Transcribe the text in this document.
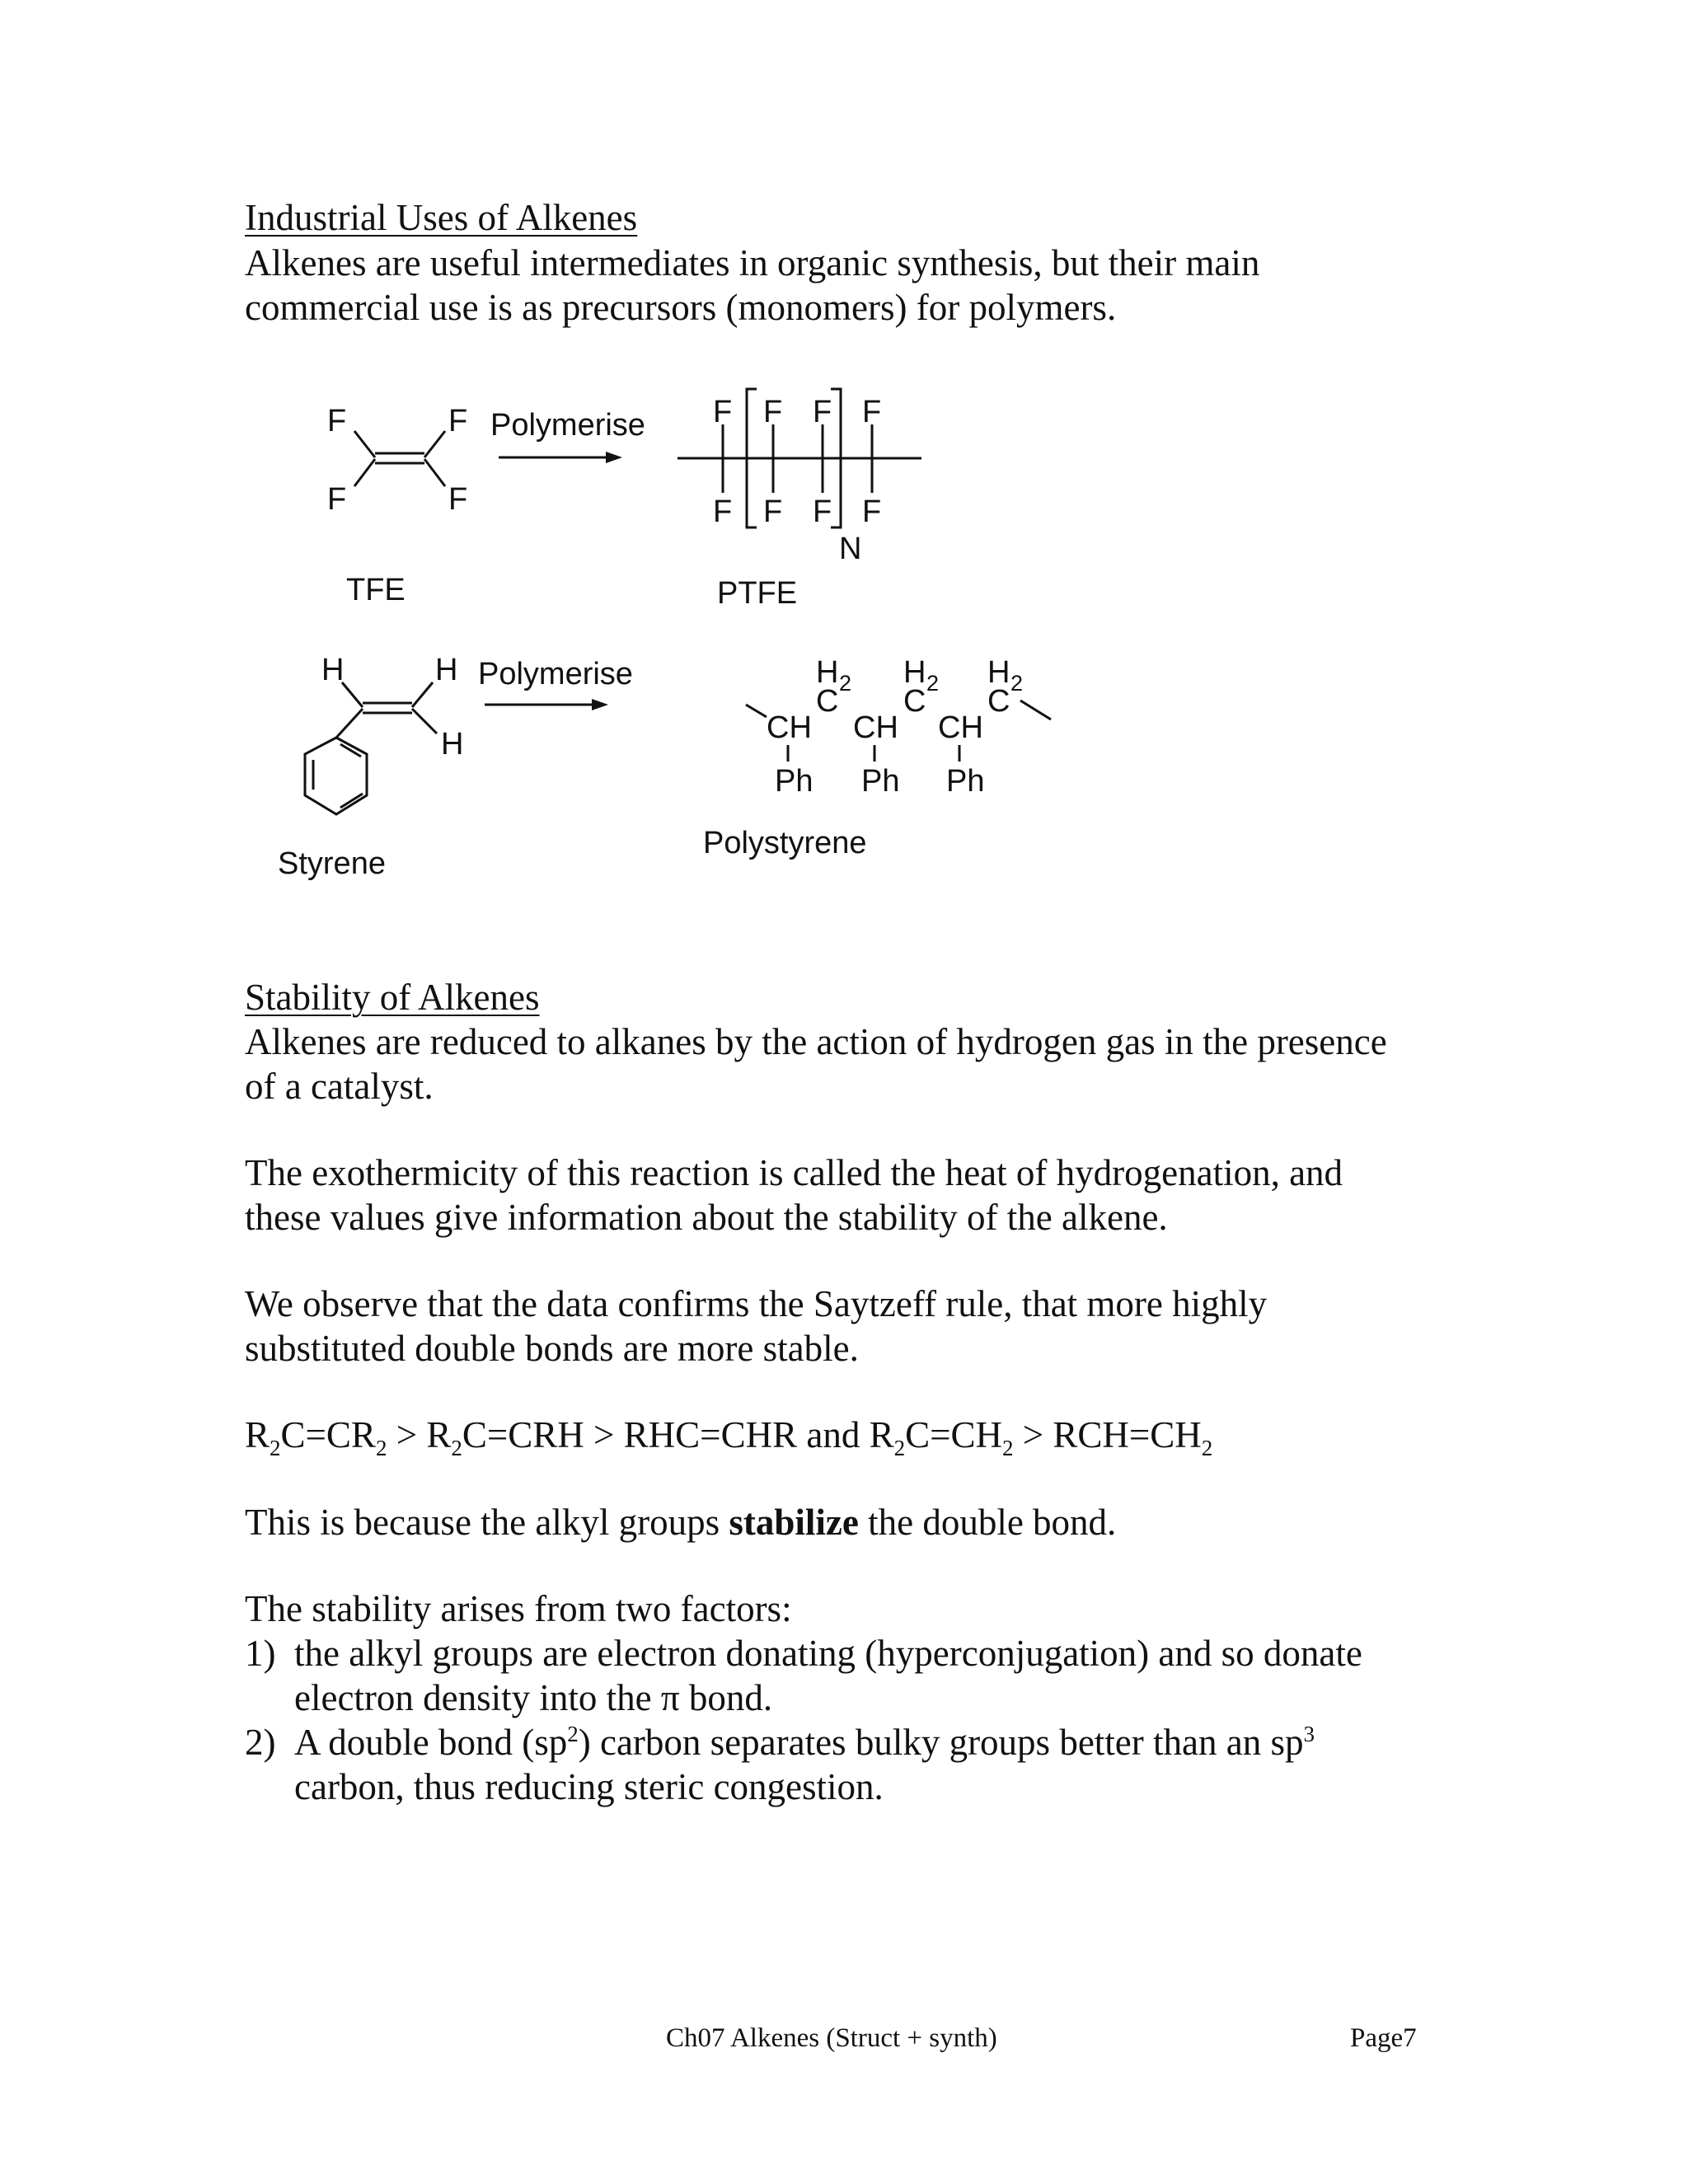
Industrial Uses of Alkenes
Alkenes are useful intermediates in organic synthesis, but their main
commercial use is as precursors (monomers) for polymers.
F	F
F	F
Polymerise
TFE
F F F F
F F F F
N
PTFE
H	H
H
Polymerise
Styrene
H 2 H 2 H 2
C C C
CH CH CH
Ph Ph Ph
Polystyrene
Stability of Alkenes
Alkenes are reduced to alkanes by the action of hydrogen gas in the presence
of a catalyst.
The exothermicity of this reaction is called the heat of hydrogenation, and
these values give information about the stability of the alkene.
We observe that the data confirms the Saytzeff rule, that more highly
substituted double bonds are more stable.
$R_2C=CR_2 > R_2C=CRH > RHC=CHR$ and $R_2C=CH_2 > RCH=CH_2$
This is because the alkyl groups stabilize the double bond.
The stability arises from two factors:
1) the alkyl groups are electron donating (hyperconjugation) and so donate
electron density into the π bond.
2) A double bond $(sp^2)$ carbon separates bulky groups better than an $sp^3$
carbon, thus reducing steric congestion.
Ch07 Alkenes (Struct + synth)	Page7
